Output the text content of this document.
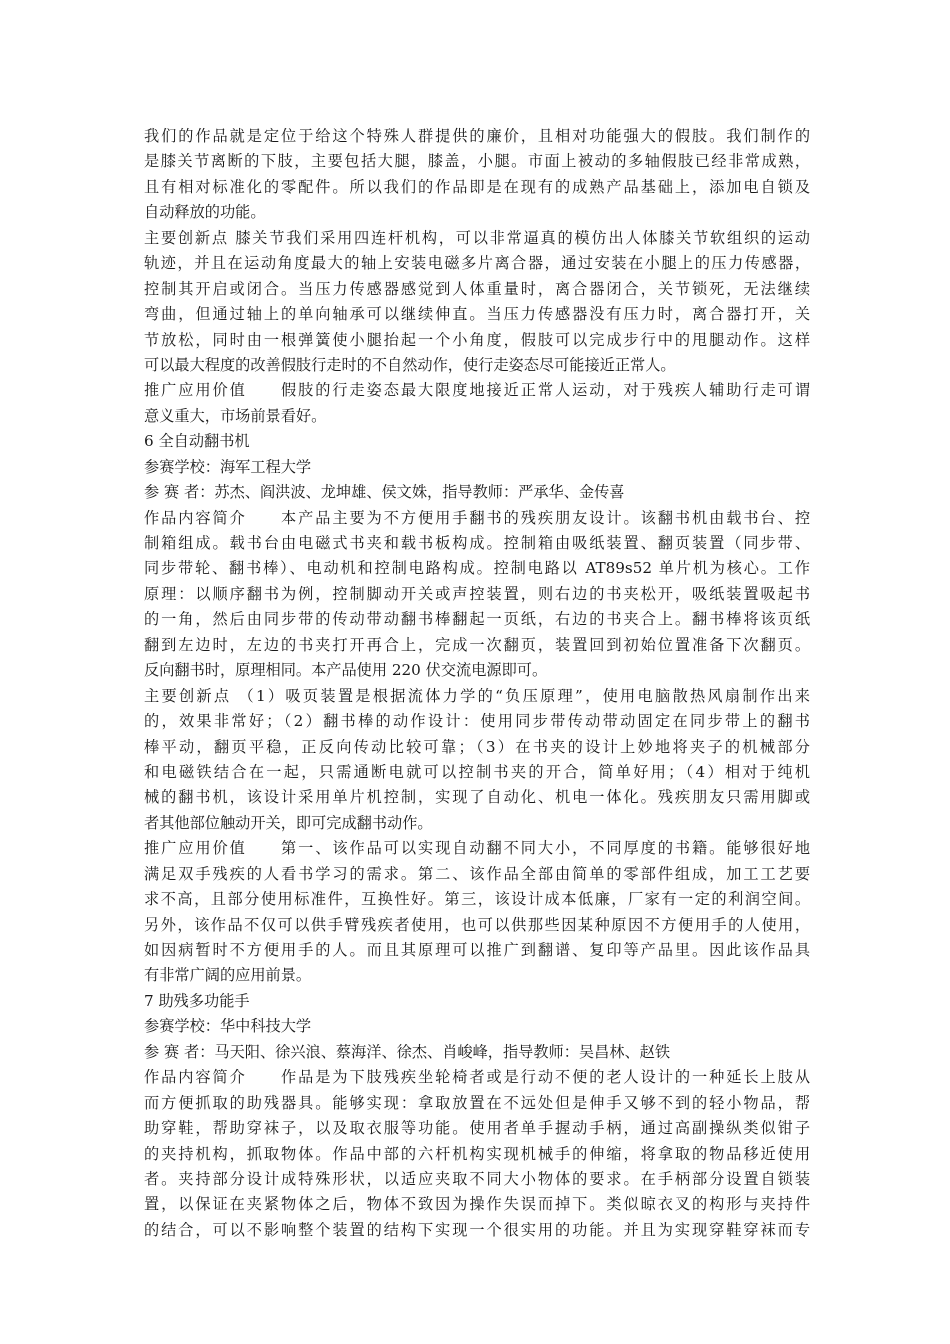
我们的作品就是定位于给这个特殊人群提供的廉价，且相对功能强大的假肢。我们制作的
是膝关节离断的下肢，主要包括大腿，膝盖，小腿。市面上被动的多轴假肢已经非常成熟，
且有相对标准化的零配件。所以我们的作品即是在现有的成熟产品基础上，添加电自锁及
自动释放的功能。
主要创新点 膝关节我们采用四连杆机构，可以非常逼真的模仿出人体膝关节软组织的运动
轨迹，并且在运动角度最大的轴上安装电磁多片离合器，通过安装在小腿上的压力传感器，
控制其开启或闭合。当压力传感器感觉到人体重量时，离合器闭合，关节锁死，无法继续
弯曲，但通过轴上的单向轴承可以继续伸直。当压力传感器没有压力时，离合器打开，关
节放松，同时由一根弹簧使小腿抬起一个小角度，假肢可以完成步行中的甩腿动作。这样
可以最大程度的改善假肢行走时的不自然动作，使行走姿态尽可能接近正常人。
推广应用价值　　假肢的行走姿态最大限度地接近正常人运动，对于残疾人辅助行走可谓
意义重大，市场前景看好。
6 全自动翻书机
参赛学校：海军工程大学
参 赛 者：苏杰、阎洪波、龙坤雄、侯文姝，指导教师：严承华、金传喜
作品内容简介　　本产品主要为不方便用手翻书的残疾朋友设计。该翻书机由载书台、控
制箱组成。载书台由电磁式书夹和载书板构成。控制箱由吸纸装置、翻页装置（同步带、
同步带轮、翻书棒）、电动机和控制电路构成。控制电路以 AT89s52 单片机为核心。工作
原理：以顺序翻书为例，控制脚动开关或声控装置，则右边的书夹松开，吸纸装置吸起书
的一角，然后由同步带的传动带动翻书棒翻起一页纸，右边的书夹合上。翻书棒将该页纸
翻到左边时，左边的书夹打开再合上，完成一次翻页，装置回到初始位置准备下次翻页。
反向翻书时，原理相同。本产品使用 220 伏交流电源即可。
主要创新点 （1）吸页装置是根据流体力学的“负压原理”，使用电脑散热风扇制作出来
的，效果非常好；（2）翻书棒的动作设计：使用同步带传动带动固定在同步带上的翻书
棒平动，翻页平稳，正反向传动比较可靠；（3）在书夹的设计上妙地将夹子的机械部分
和电磁铁结合在一起，只需通断电就可以控制书夹的开合，简单好用；（4）相对于纯机
械的翻书机，该设计采用单片机控制，实现了自动化、机电一体化。残疾朋友只需用脚或
者其他部位触动开关，即可完成翻书动作。
推广应用价值　　第一、该作品可以实现自动翻不同大小，不同厚度的书籍。能够很好地
满足双手残疾的人看书学习的需求。第二、该作品全部由简单的零部件组成，加工工艺要
求不高，且部分使用标准件，互换性好。第三，该设计成本低廉，厂家有一定的利润空间。
另外，该作品不仅可以供手臂残疾者使用，也可以供那些因某种原因不方便用手的人使用，
如因病暂时不方便用手的人。而且其原理可以推广到翻谱、复印等产品里。因此该作品具
有非常广阔的应用前景。
7 助残多功能手
参赛学校：华中科技大学
参 赛 者：马天阳、徐兴浪、蔡海洋、徐杰、肖峻峰，指导教师：吴昌林、赵铁
作品内容简介　　作品是为下肢残疾坐轮椅者或是行动不便的老人设计的一种延长上肢从
而方便抓取的助残器具。能够实现：拿取放置在不远处但是伸手又够不到的轻小物品，帮
助穿鞋，帮助穿袜子，以及取衣服等功能。使用者单手握动手柄，通过高副操纵类似钳子
的夹持机构，抓取物体。作品中部的六杆机构实现机械手的伸缩，将拿取的物品移近使用
者。夹持部分设计成特殊形状，以适应夹取不同大小物体的要求。在手柄部分设置自锁装
置，以保证在夹紧物体之后，物体不致因为操作失误而掉下。类似晾衣叉的构形与夹持件
的结合，可以不影响整个装置的结构下实现一个很实用的功能。并且为实现穿鞋穿袜而专
